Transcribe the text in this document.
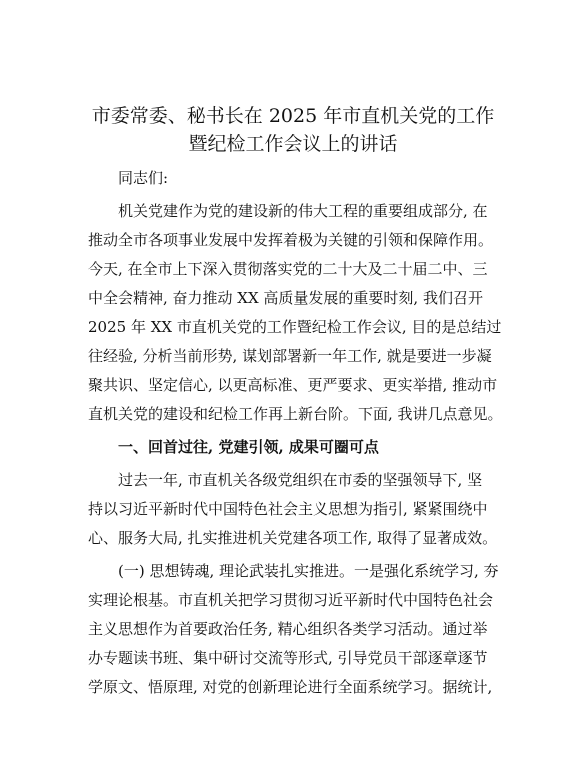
市委常委、秘书长在 2025 年市直机关党的工作
暨纪检工作会议上的讲话
同志们:
机关党建作为党的建设新的伟大工程的重要组成部分, 在
推动全市各项事业发展中发挥着极为关键的引领和保障作用。
今天, 在全市上下深入贯彻落实党的二十大及二十届二中、三
中全会精神, 奋力推动 XX 高质量发展的重要时刻, 我们召开
2025 年 XX 市直机关党的工作暨纪检工作会议, 目的是总结过
往经验, 分析当前形势, 谋划部署新一年工作, 就是要进一步凝
聚共识、坚定信心, 以更高标准、更严要求、更实举措, 推动市
直机关党的建设和纪检工作再上新台阶。下面, 我讲几点意见。
一、回首过往, 党建引领, 成果可圈可点
过去一年, 市直机关各级党组织在市委的坚强领导下, 坚
持以习近平新时代中国特色社会主义思想为指引, 紧紧围绕中
心、服务大局, 扎实推进机关党建各项工作, 取得了显著成效。
(一) 思想铸魂, 理论武装扎实推进。一是强化系统学习, 夯
实理论根基。市直机关把学习贯彻习近平新时代中国特色社会
主义思想作为首要政治任务, 精心组织各类学习活动。通过举
办专题读书班、集中研讨交流等形式, 引导党员干部逐章逐节
学原文、悟原理, 对党的创新理论进行全面系统学习。据统计,
